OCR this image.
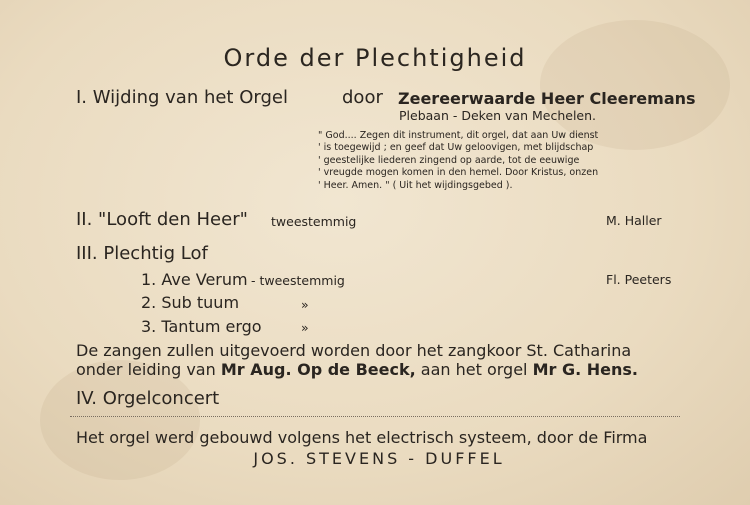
Orde der Plechtigheid
I. Wijding van het Orgel	door Zeereerwaarde Heer Cleeremans
Plebaan - Deken van Mechelen.
" God.... Zegen dit instrument, dit orgel, dat aan Uw dienst
' is toegewijd ; en geef dat Uw geloovigen, met blijdschap
' geestelijke liederen zingend op aarde, tot de eeuwige
' vreugde mogen komen in den hemel. Door Kristus, onzen
' Heer. Amen. " ( Uit het wijdingsgebed ).
II. "Looft den Heer" tweestemmig	M. Haller
III. Plechtig Lof
1. Ave Verum - tweestemmig	Fl. Peeters
2. Sub tuum	»
3. Tantum ergo	»
De zangen zullen uitgevoerd worden door het zangkoor St. Catharina
onder leiding van Mr Aug. Op de Beeck, aan het orgel Mr G. Hens.
IV. Orgelconcert
Het orgel werd gebouwd volgens het electrisch systeem, door de Firma
JOS. STEVENS - DUFFEL
